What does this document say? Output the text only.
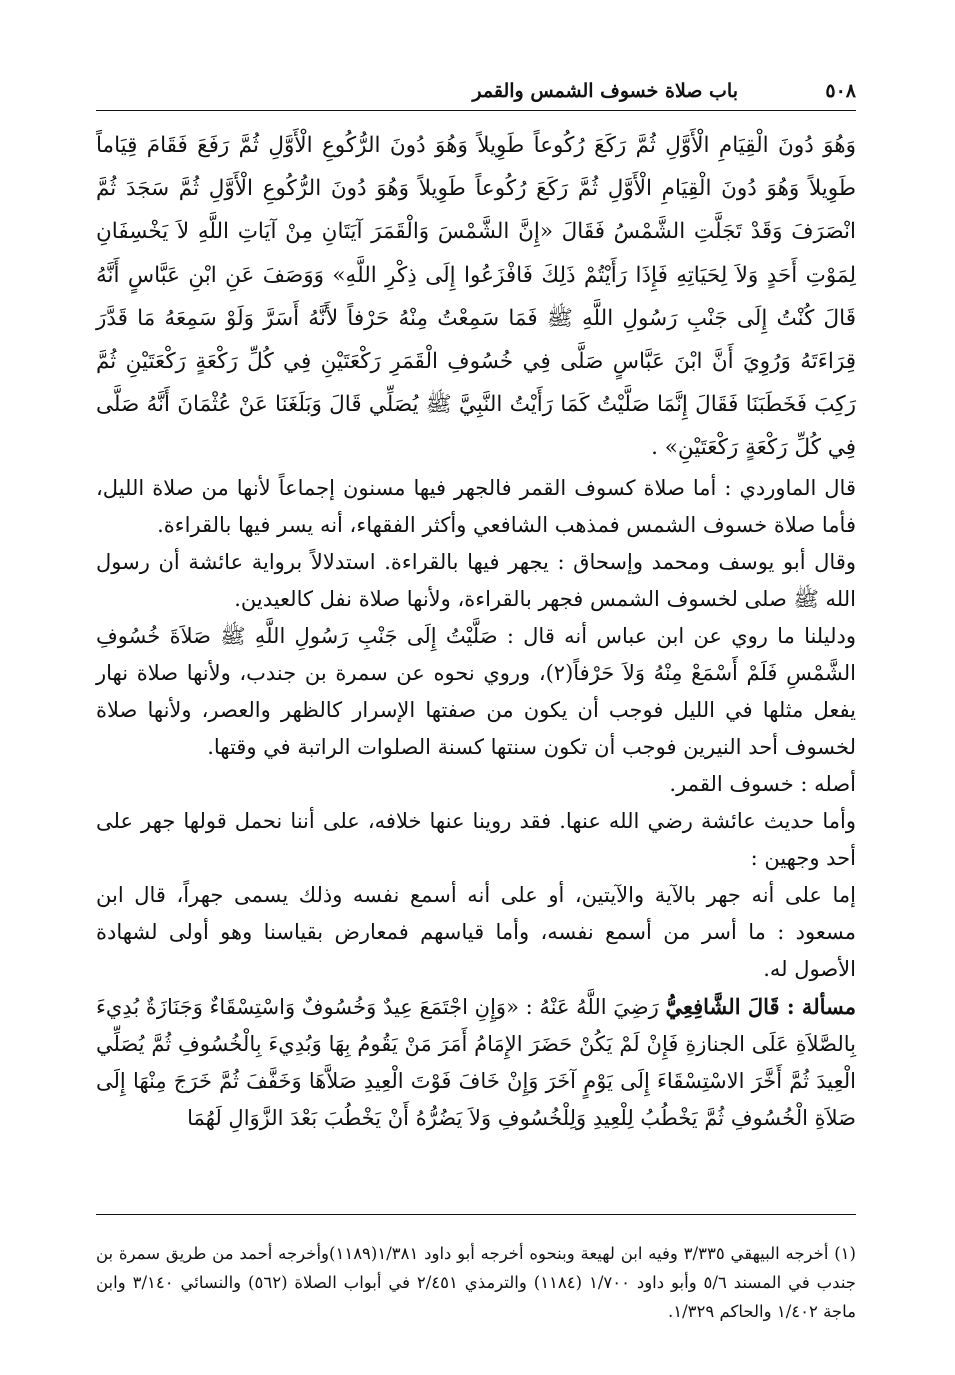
٥٠٨
باب صلاة خسوف الشمس والقمر

وَهُوَ دُونَ الْقِيَامِ الْأَوَّلِ ثُمَّ رَكَعَ رُكُوعاً طَوِيلاً وَهُوَ دُونَ الرُّكُوعِ الْأَوَّلِ ثُمَّ رَفَعَ فَقَامَ قِيَاماً طَوِيلاً وَهُوَ دُونَ الْقِيَامِ الْأَوَّلِ ثُمَّ رَكَعَ رُكُوعاً طَوِيلاً وَهُوَ دُونَ الرُّكُوعِ الْأَوَّلِ ثُمَّ سَجَدَ ثُمَّ انْصَرَفَ وَقَدْ تَجَلَّتِ الشَّمْسُ فَقَالَ «إِنَّ الشَّمْسَ وَالْقَمَرَ آيَتَانِ مِنْ آيَاتِ اللَّهِ لاَ يَخْسِفَانِ لِمَوْتِ أَحَدٍ وَلاَ لِحَيَاتِهِ فَإِذَا رَأَيْتُمْ ذَلِكَ فَافْزَعُوا إِلَى ذِكْرِ اللَّهِ» وَوَصَفَ عَنِ ابْنِ عَبَّاسٍ أَنَّهُ قَالَ كُنْتُ إِلَى جَنْبِ رَسُولِ اللَّهِ ﷺ فَمَا سَمِعْتُ مِنْهُ حَرْفاً لأَنَّهُ أَسَرَّ وَلَوْ سَمِعَهُ مَا قَدَّرَ قِرَاءَتَهُ وَرُوِيَ أَنَّ ابْنَ عَبَّاسٍ صَلَّى فِي خُسُوفِ الْقَمَرِ رَكْعَتَيْنِ فِي كُلِّ رَكْعَةٍ رَكْعَتَيْنِ ثُمَّ رَكِبَ فَخَطَبَنَا فَقَالَ إِنَّمَا صَلَّيْتُ كَمَا رَأَيْتُ النَّبِيَّ ﷺ يُصَلِّي قَالَ وَبَلَغَنَا عَنْ عُثْمَانَ أَنَّهُ صَلَّى فِي كُلِّ رَكْعَةٍ رَكْعَتَيْنِ» .

قال الماوردي : أما صلاة كسوف القمر فالجهر فيها مسنون إجماعاً لأنها من صلاة الليل، فأما صلاة خسوف الشمس فمذهب الشافعي وأكثر الفقهاء، أنه يسر فيها بالقراءة.

وقال أبو يوسف ومحمد وإسحاق : يجهر فيها بالقراءة. استدلالاً برواية عائشة أن رسول الله ﷺ صلى لخسوف الشمس فجهر بالقراءة، ولأنها صلاة نفل كالعيدين.

ودليلنا ما روي عن ابن عباس أنه قال : صَلَّيْتُ إِلَى جَنْبِ رَسُولِ اللَّهِ ﷺ صَلاَةَ خُسُوفِ الشَّمْسِ فَلَمْ أَسْمَعْ مِنْهُ وَلاَ حَرْفاً(٢)، وروي نحوه عن سمرة بن جندب، ولأنها صلاة نهار يفعل مثلها في الليل فوجب أن يكون من صفتها الإسرار كالظهر والعصر، ولأنها صلاة لخسوف أحد النيرين فوجب أن تكون سنتها كسنة الصلوات الراتبة في وقتها.

أصله : خسوف القمر.

وأما حديث عائشة رضي الله عنها. فقد روينا عنها خلافه، على أننا نحمل قولها جهر على أحد وجهين :

إما على أنه جهر بالآية والآيتين، أو على أنه أسمع نفسه وذلك يسمى جهراً، قال ابن مسعود : ما أسر من أسمع نفسه، وأما قياسهم فمعارض بقياسنا وهو أولى لشهادة الأصول له.

مسألة : قَالَ الشَّافِعِيُّ رَضِيَ اللَّهُ عَنْهُ : «وَإِنِ اجْتَمَعَ عِيدٌ وَخُسُوفٌ وَاسْتِسْقَاءٌ وَجَنَازَةٌ بُدِيءَ بِالصَّلاَةِ عَلَى الجنازةِ فَإِنْ لَمْ يَكُنْ حَضَرَ الإِمَامُ أَمَرَ مَنْ يَقُومُ بِهَا وَبُدِيءَ بِالْخُسُوفِ ثُمَّ يُصَلِّي الْعِيدَ ثُمَّ أَخَّرَ الاسْتِسْقَاءَ إِلَى يَوْمٍ آخَرَ وَإِنْ خَافَ فَوْتَ الْعِيدِ صَلاَّهَا وَخَفَّفَ ثُمَّ خَرَجَ مِنْهَا إِلَى صَلاَةِ الْخُسُوفِ ثُمَّ يَخْطُبُ لِلْعِيدِ وَلِلْخُسُوفِ وَلاَ يَضُرُّهُ أَنْ يَخْطُبَ بَعْدَ الزَّوَالِ لَهُمَا

(١) أخرجه البيهقي ٣/٣٣٥ وفيه ابن لهيعة وبنحوه أخرجه أبو داود ١/٣٨١(١١٨٩)وأخرجه أحمد من طريق سمرة بن جندب في المسند ٥/٦ وأبو داود ١/٧٠٠ (١١٨٤) والترمذي ٢/٤٥١ في أبواب الصلاة (٥٦٢) والنسائي ٣/١٤٠ وابن ماجة ١/٤٠٢ والحاكم ١/٣٢٩.
